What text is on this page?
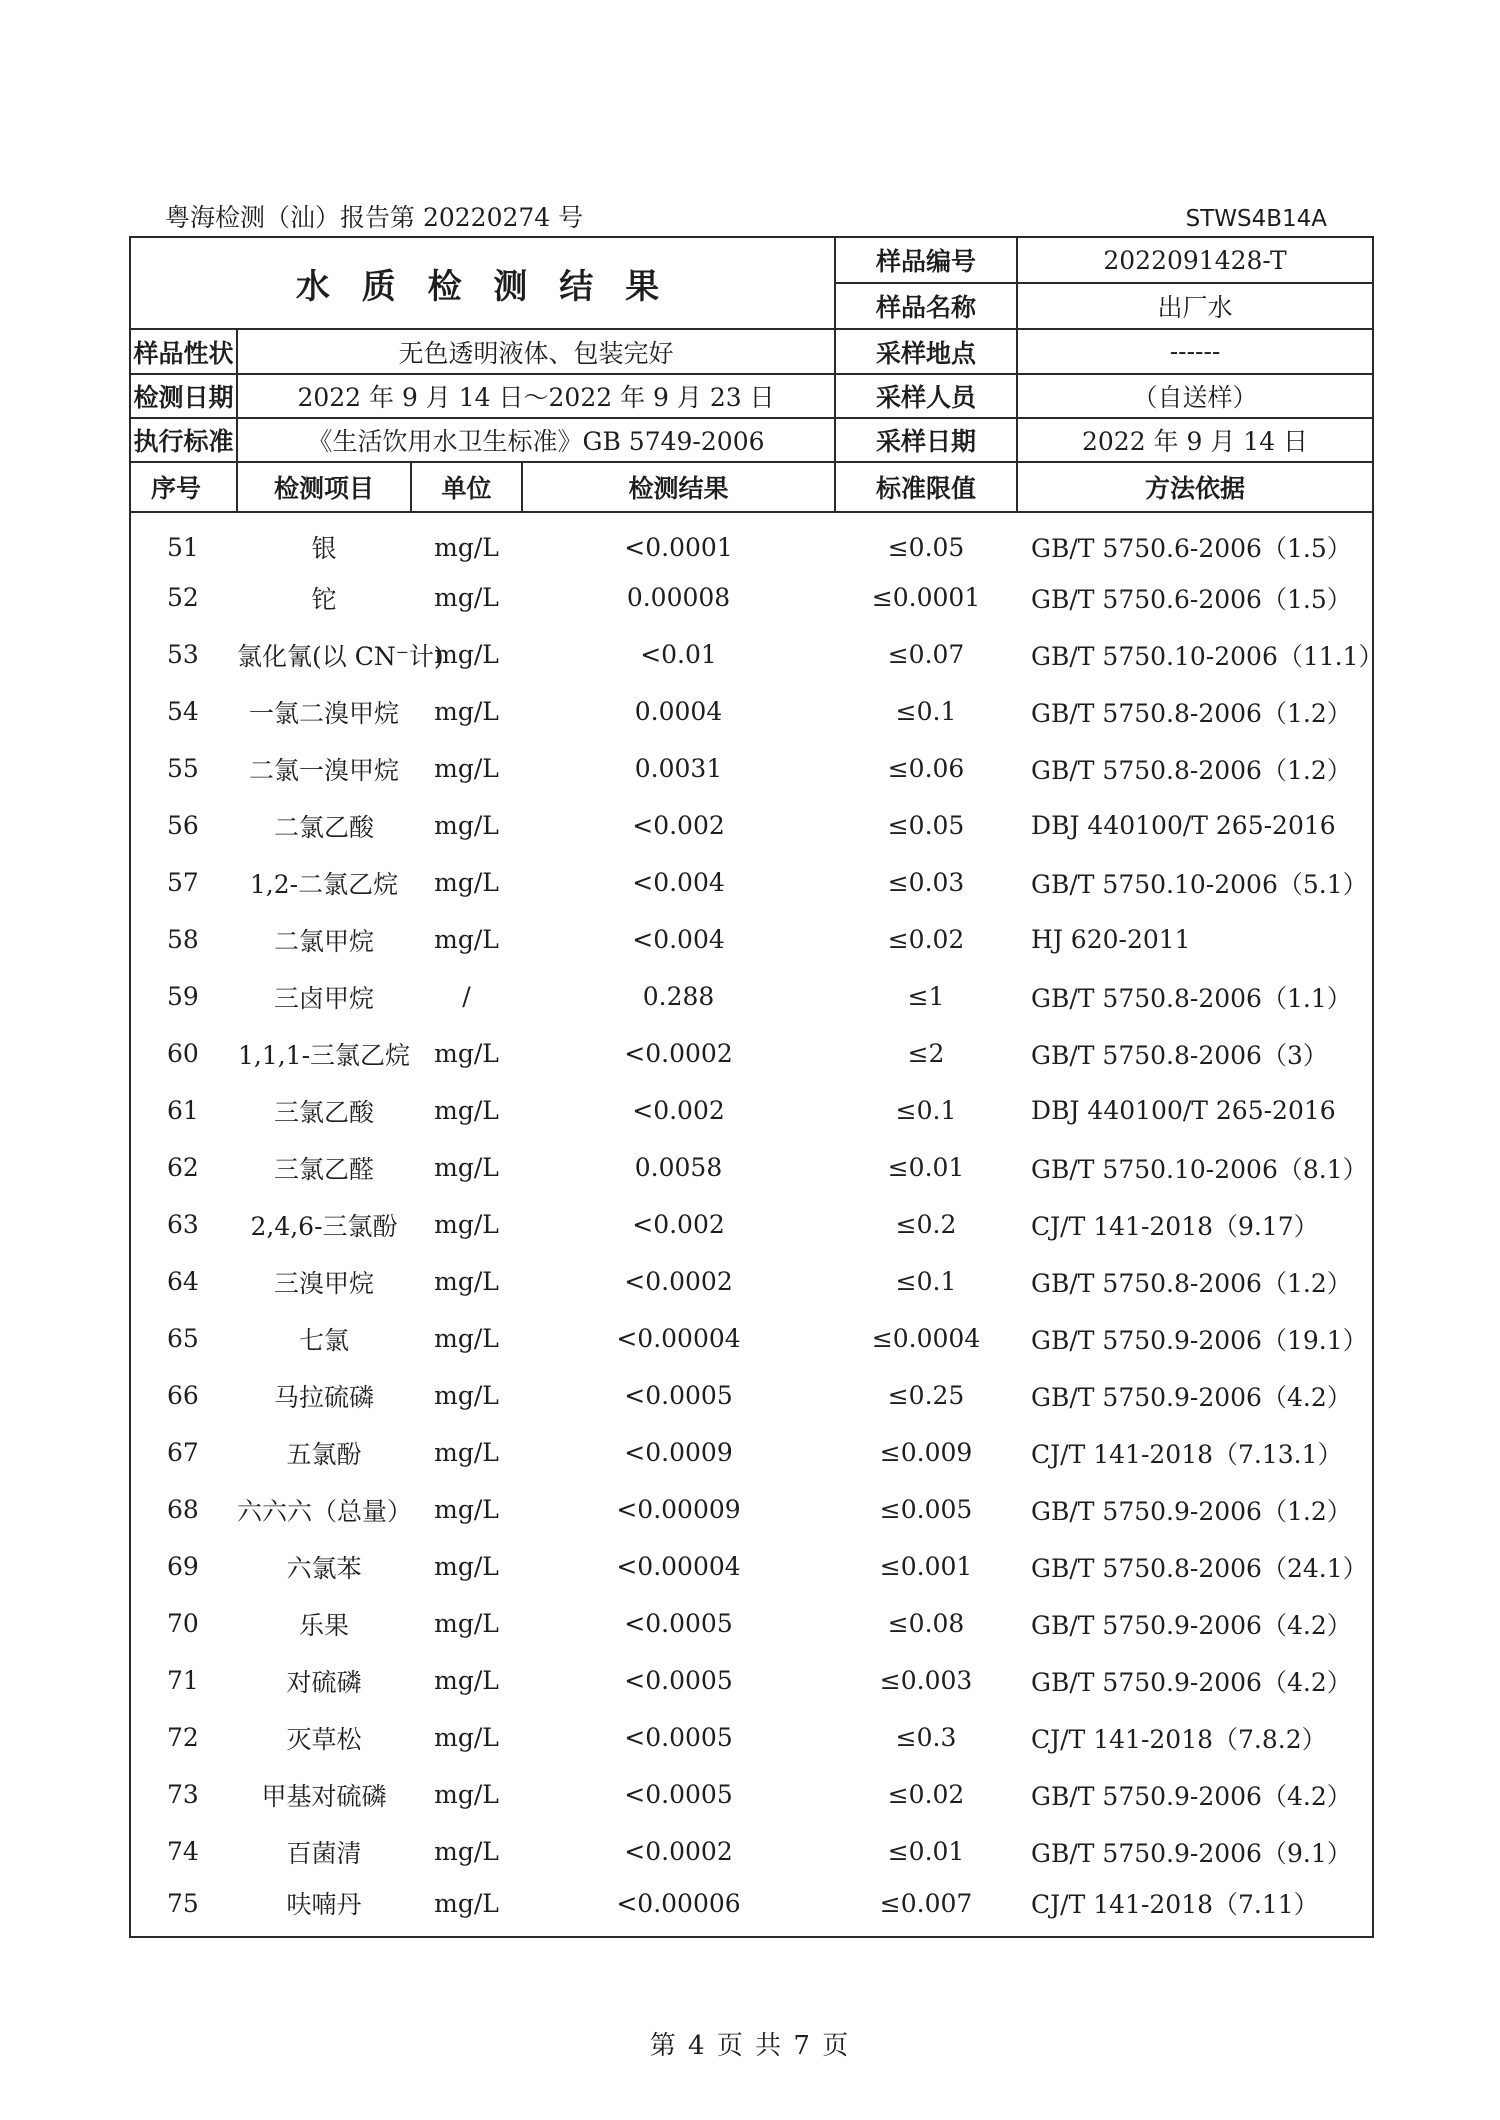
粤海检测（汕）报告第 20220274 号	STWS4B14A
水 质 检 测 结 果				样品编号	2022091428-T
				样品名称	出厂水
样品性状	无色透明液体、包装完好			采样地点	------
检测日期	2022 年 9 月 14 日～2022 年 9 月 23 日			采样人员	（自送样）
执行标准	《生活饮用水卫生标准》GB 5749-2006			采样日期	2022 年 9 月 14 日
序号	检测项目	单位	检测结果	标准限值	方法依据
51	银	mg/L	<0.0001	≤0.05	GB/T 5750.6-2006（1.5）
52	铊	mg/L	0.00008	≤0.0001	GB/T 5750.6-2006（1.5）
53	氯化氰(以 CN⁻计)	mg/L	<0.01	≤0.07	GB/T 5750.10-2006（11.1）
54	一氯二溴甲烷	mg/L	0.0004	≤0.1	GB/T 5750.8-2006（1.2）
55	二氯一溴甲烷	mg/L	0.0031	≤0.06	GB/T 5750.8-2006（1.2）
56	二氯乙酸	mg/L	<0.002	≤0.05	DBJ 440100/T 265-2016
57	1,2-二氯乙烷	mg/L	<0.004	≤0.03	GB/T 5750.10-2006（5.1）
58	二氯甲烷	mg/L	<0.004	≤0.02	HJ 620-2011
59	三卤甲烷	/	0.288	≤1	GB/T 5750.8-2006（1.1）
60	1,1,1-三氯乙烷	mg/L	<0.0002	≤2	GB/T 5750.8-2006（3）
61	三氯乙酸	mg/L	<0.002	≤0.1	DBJ 440100/T 265-2016
62	三氯乙醛	mg/L	0.0058	≤0.01	GB/T 5750.10-2006（8.1）
63	2,4,6-三氯酚	mg/L	<0.002	≤0.2	CJ/T 141-2018（9.17）
64	三溴甲烷	mg/L	<0.0002	≤0.1	GB/T 5750.8-2006（1.2）
65	七氯	mg/L	<0.00004	≤0.0004	GB/T 5750.9-2006（19.1）
66	马拉硫磷	mg/L	<0.0005	≤0.25	GB/T 5750.9-2006（4.2）
67	五氯酚	mg/L	<0.0009	≤0.009	CJ/T 141-2018（7.13.1）
68	六六六（总量）	mg/L	<0.00009	≤0.005	GB/T 5750.9-2006（1.2）
69	六氯苯	mg/L	<0.00004	≤0.001	GB/T 5750.8-2006（24.1）
70	乐果	mg/L	<0.0005	≤0.08	GB/T 5750.9-2006（4.2）
71	对硫磷	mg/L	<0.0005	≤0.003	GB/T 5750.9-2006（4.2）
72	灭草松	mg/L	<0.0005	≤0.3	CJ/T 141-2018（7.8.2）
73	甲基对硫磷	mg/L	<0.0005	≤0.02	GB/T 5750.9-2006（4.2）
74	百菌清	mg/L	<0.0002	≤0.01	GB/T 5750.9-2006（9.1）
75	呋喃丹	mg/L	<0.00006	≤0.007	CJ/T 141-2018（7.11）
第 4 页 共 7 页
